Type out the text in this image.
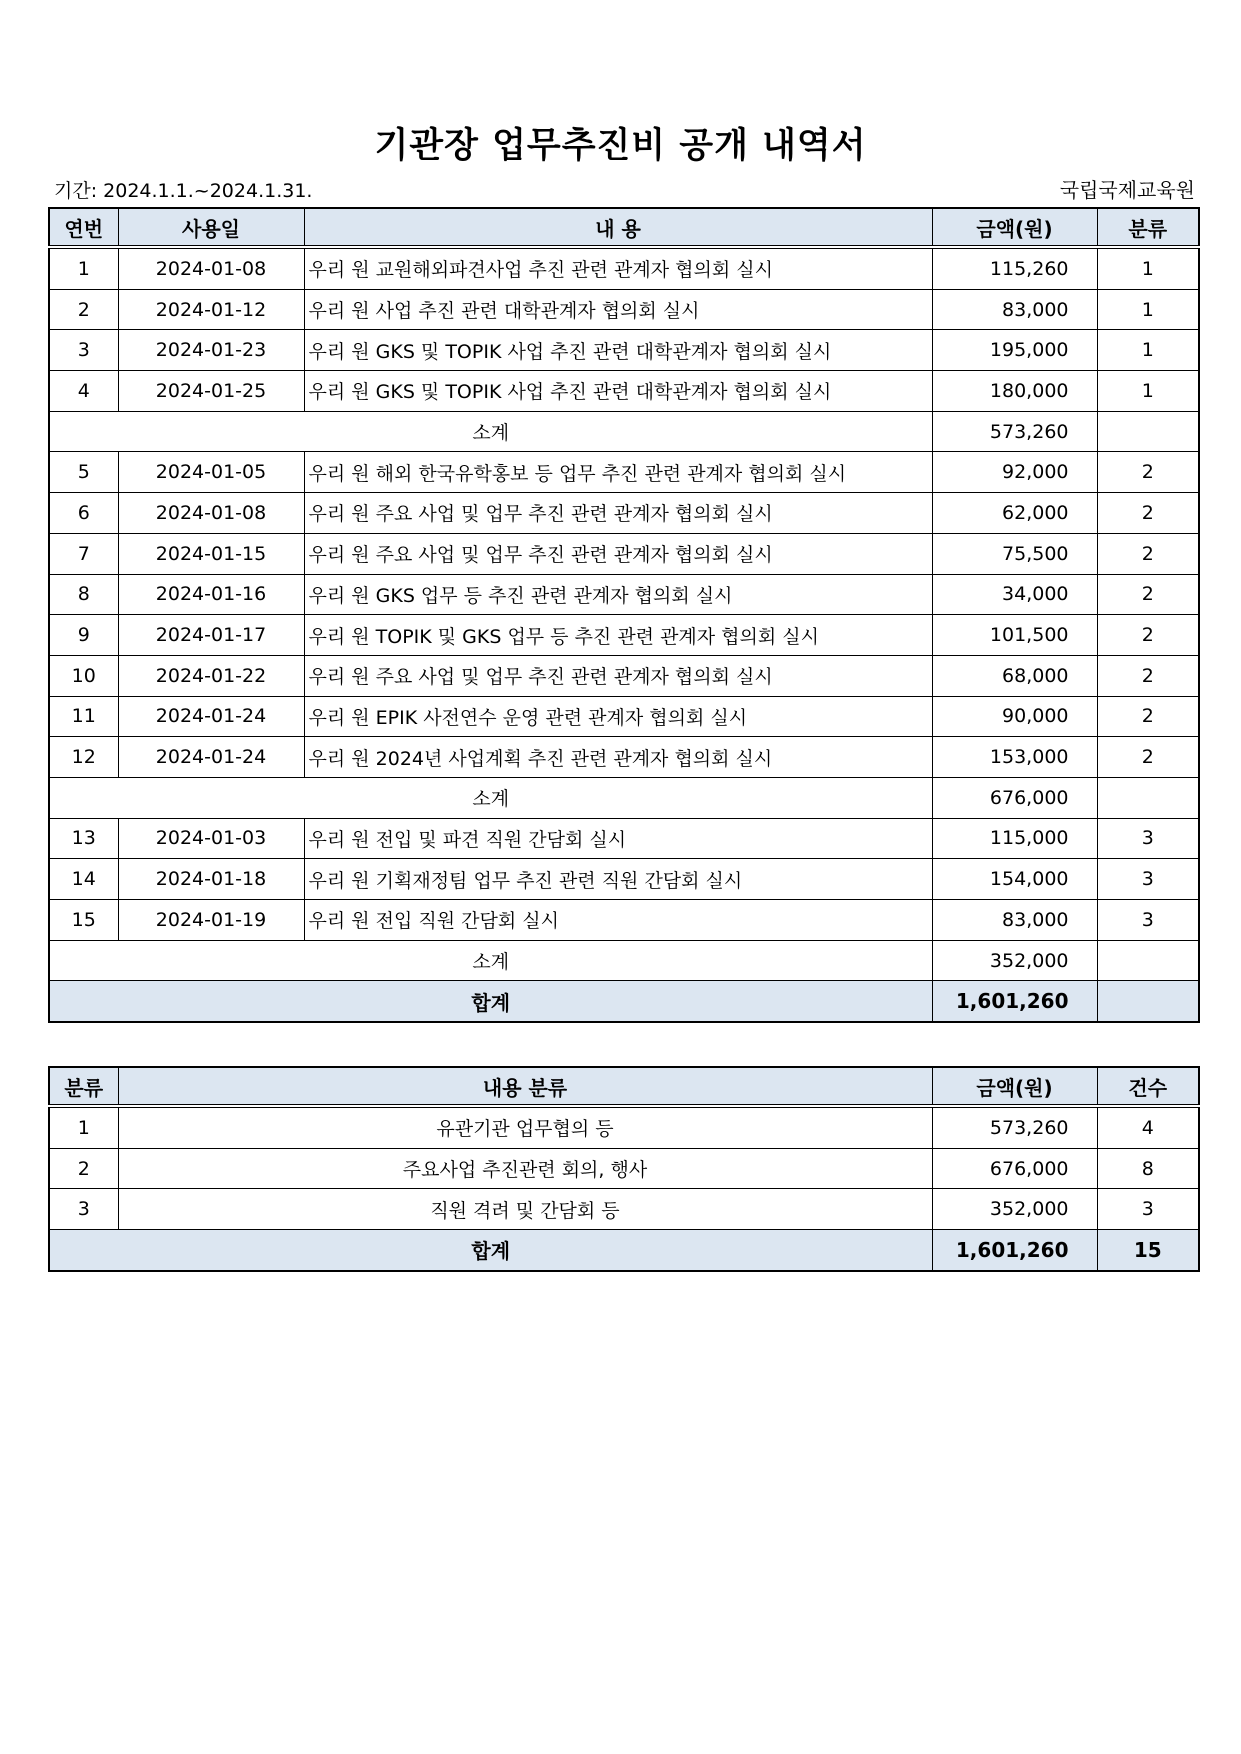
기관장 업무추진비 공개 내역서
기간: 2024.1.1.~2024.1.31.	국립국제교육원
연번	사용일	내 용	금액(원)	분류
1	2024-01-08	우리 원 교원해외파견사업 추진 관련 관계자 협의회 실시	115,260	1
2	2024-01-12	우리 원 사업 추진 관련 대학관계자 협의회 실시	83,000	1
3	2024-01-23	우리 원 GKS 및 TOPIK 사업 추진 관련 대학관계자 협의회 실시	195,000	1
4	2024-01-25	우리 원 GKS 및 TOPIK 사업 추진 관련 대학관계자 협의회 실시	180,000	1
소계			573,260	
5	2024-01-05	우리 원 해외 한국유학홍보 등 업무 추진 관련 관계자 협의회 실시	92,000	2
6	2024-01-08	우리 원 주요 사업 및 업무 추진 관련 관계자 협의회 실시	62,000	2
7	2024-01-15	우리 원 주요 사업 및 업무 추진 관련 관계자 협의회 실시	75,500	2
8	2024-01-16	우리 원 GKS 업무 등 추진 관련 관계자 협의회 실시	34,000	2
9	2024-01-17	우리 원 TOPIK 및 GKS 업무 등 추진 관련 관계자 협의회 실시	101,500	2
10	2024-01-22	우리 원 주요 사업 및 업무 추진 관련 관계자 협의회 실시	68,000	2
11	2024-01-24	우리 원 EPIK 사전연수 운영 관련 관계자 협의회 실시	90,000	2
12	2024-01-24	우리 원 2024년 사업계획 추진 관련 관계자 협의회 실시	153,000	2
소계			676,000	
13	2024-01-03	우리 원 전입 및 파견 직원 간담회 실시	115,000	3
14	2024-01-18	우리 원 기획재정팀 업무 추진 관련 직원 간담회 실시	154,000	3
15	2024-01-19	우리 원 전입 직원 간담회 실시	83,000	3
소계			352,000	
합계			1,601,260	
분류	내용 분류	금액(원)	건수
1	유관기관 업무협의 등	573,260	4
2	주요사업 추진관련 회의, 행사	676,000	8
3	직원 격려 및 간담회 등	352,000	3
합계		1,601,260	15
